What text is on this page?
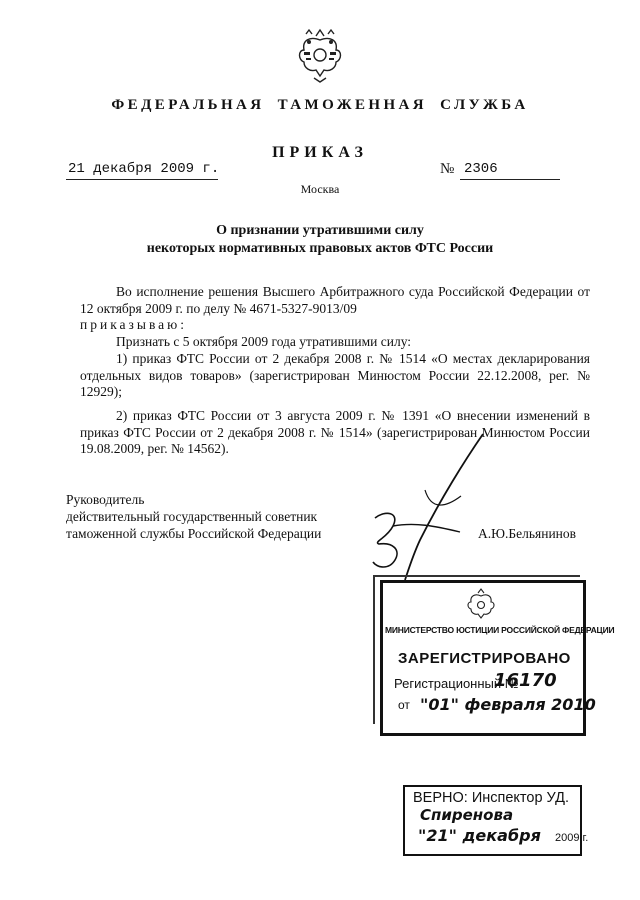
ФЕДЕРАЛЬНАЯ ТАМОЖЕННАЯ СЛУЖБА
ПРИКАЗ
21 декабря 2009 г.	№ 2306
Москва
О признании утратившими силу
некоторых нормативных правовых актов ФТС России
Во исполнение решения Высшего Арбитражного суда Российской Федерации от 12 октября 2009 г. по делу № 4671-5327-9013/09
приказываю:
Признать с 5 октября 2009 года утратившими силу:
1) приказ ФТС России от 2 декабря 2008 г. № 1514 «О местах декларирования отдельных видов товаров» (зарегистрирован Минюстом России 22.12.2008, рег. № 12929);
2) приказ ФТС России от 3 августа 2009 г. № 1391 «О внесении изменений в приказ ФТС России от 2 декабря 2008 г. № 1514» (зарегистрирован Минюстом России 19.08.2009, рег. № 14562).
Руководитель
действительный государственный советник
таможенной службы Российской Федерации	А.Ю.Бельянинов
МИНИСТЕРСТВО ЮСТИЦИИ РОССИЙСКОЙ ФЕДЕРАЦИИ
ЗАРЕГИСТРИРОВАНО
Регистрационный №
16170
от "01" февраля 2010
ВЕРНО: Инспектор УД.
Спиренова
"21" декабря 2009 г.
